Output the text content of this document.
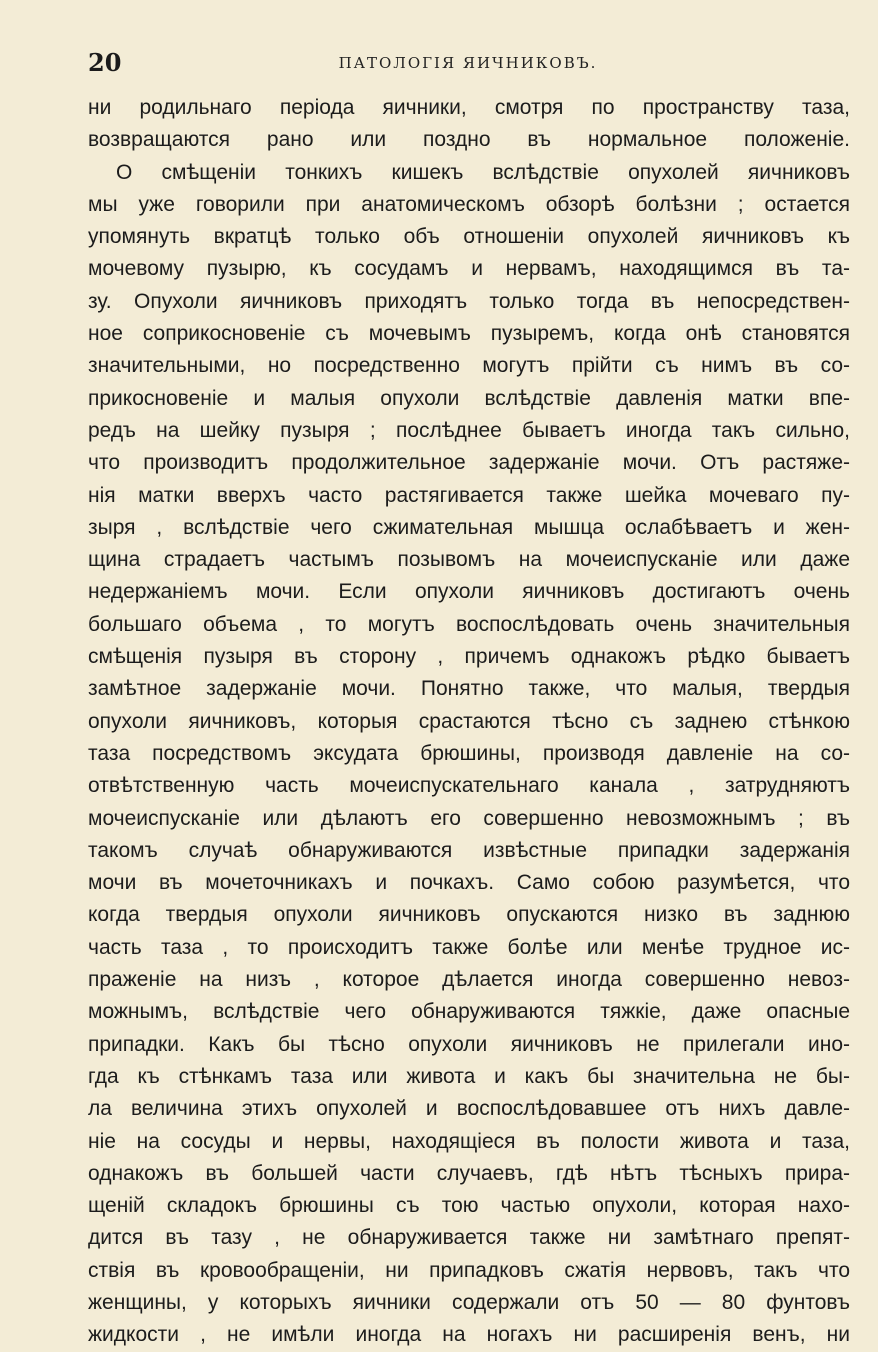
20	ПАТОЛОГІЯ ЯИЧНИКОВЪ.
ни родильнаго періода яичники, смотря по пространству таза,
возвращаются рано или поздно въ нормальное положеніе.
О смѣщеніи тонкихъ кишекъ вслѣдствіе опухолей яичниковъ
мы уже говорили при анатомическомъ обзорѣ болѣзни ; остается
упомянуть вкратцѣ только объ отношеніи опухолей яичниковъ къ
мочевому пузырю, къ сосудамъ и нервамъ, находящимся въ та-
зу. Опухоли яичниковъ приходятъ только тогда въ непосредствен-
ное соприкосновеніе съ мочевымъ пузыремъ, когда онѣ становятся
значительными, но посредственно могутъ прійти съ нимъ въ со-
прикосновеніе и малыя опухоли вслѣдствіе давленія матки впе-
редъ на шейку пузыря ; послѣднее бываетъ иногда такъ сильно,
что производитъ продолжительное задержаніе мочи. Отъ растяже-
нія матки вверхъ часто растягивается также шейка мочеваго пу-
зыря , вслѣдствіе чего сжимательная мышца ослабѣваетъ и жен-
щина страдаетъ частымъ позывомъ на мочеиспусканіе или даже
недержаніемъ мочи. Если опухоли яичниковъ достигаютъ очень
большаго объема , то могутъ воспослѣдовать очень значительныя
смѣщенія пузыря въ сторону , причемъ однакожъ рѣдко бываетъ
замѣтное задержаніе мочи. Понятно также, что малыя, твердыя
опухоли яичниковъ, которыя срастаются тѣсно съ заднею стѣнкою
таза посредствомъ эксудата брюшины, производя давленіе на со-
отвѣтственную часть мочеиспускательнаго канала , затрудняютъ
мочеиспусканіе или дѣлаютъ его совершенно невозможнымъ ; въ
такомъ случаѣ обнаруживаются извѣстные припадки задержанія
мочи въ мочеточникахъ и почкахъ. Само собою разумѣется, что
когда твердыя опухоли яичниковъ опускаются низко въ заднюю
часть таза , то происходитъ также болѣе или менѣе трудное ис-
праженіе на низъ , которое дѣлается иногда совершенно невоз-
можнымъ, вслѣдствіе чего обнаруживаются тяжкіе, даже опасные
припадки. Какъ бы тѣсно опухоли яичниковъ не прилегали ино-
гда къ стѣнкамъ таза или живота и какъ бы значительна не бы-
ла величина этихъ опухолей и воспослѣдовавшее отъ нихъ давле-
ніе на сосуды и нервы, находящіеся въ полости живота и таза,
однакожъ въ большей части случаевъ, гдѣ нѣтъ тѣсныхъ прира-
щеній складокъ брюшины съ тою частью опухоли, которая нахо-
дится въ тазу , не обнаруживается также ни замѣтнаго препят-
ствія въ кровообращеніи, ни припадковъ сжатія нервовъ, такъ что
женщины, у которыхъ яичники содержали отъ 50 — 80 фунтовъ
жидкости , не имѣли иногда на ногахъ ни расширенія венъ, ни
